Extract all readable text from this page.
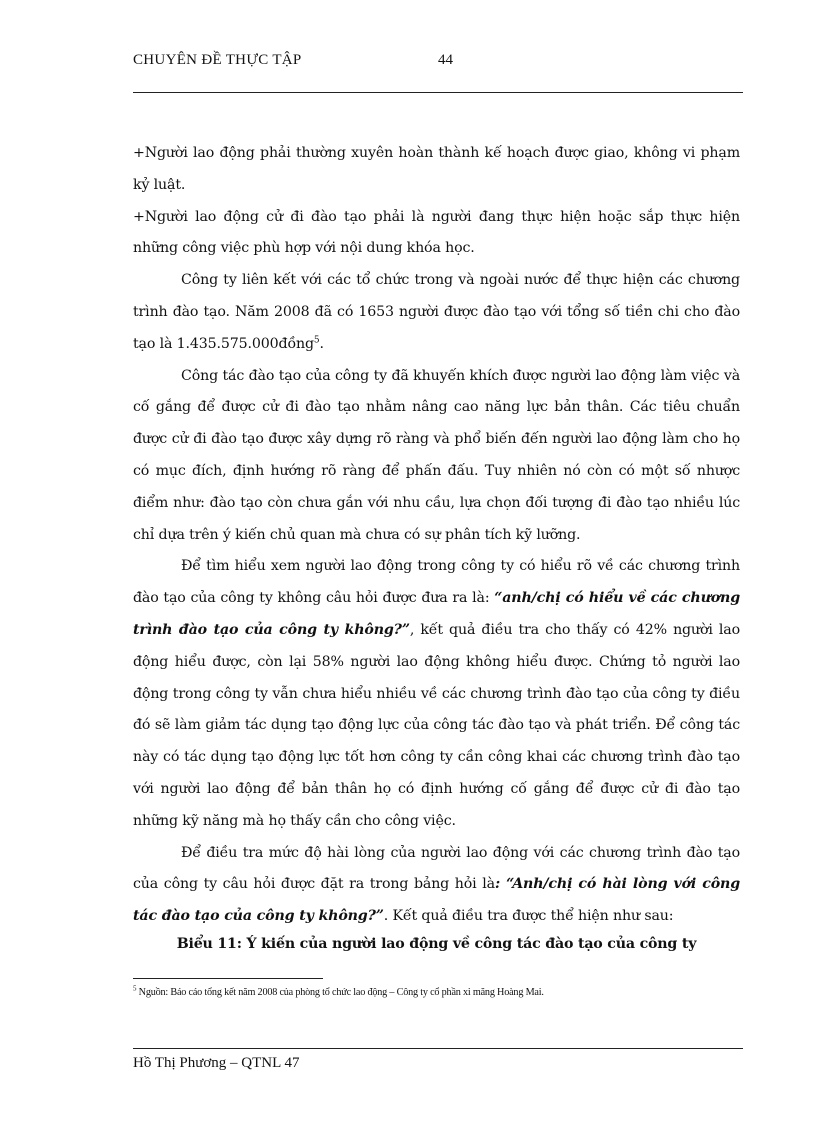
CHUYÊN ĐỀ THỰC TẬP	44

+Người lao động phải thường xuyên hoàn thành kế hoạch được giao, không vi phạm kỷ luật.

+Người lao động cử đi đào tạo phải là người đang thực hiện hoặc sắp thực hiện những công việc phù hợp với nội dung khóa học.

Công ty liên kết với các tổ chức trong và ngoài nước để thực hiện các chương trình đào tạo. Năm 2008 đã có 1653 người được đào tạo với tổng số tiền chi cho đào tạo là 1.435.575.000đồng$^5$.

Công tác đào tạo của công ty đã khuyến khích được người lao động làm việc và cố gắng để được cử đi đào tạo nhằm nâng cao năng lực bản thân. Các tiêu chuẩn được cử đi đào tạo được xây dựng rõ ràng và phổ biến đến người lao động làm cho họ có mục đích, định hướng rõ ràng để phấn đấu. Tuy nhiên nó còn có một số nhược điểm như: đào tạo còn chưa gắn với nhu cầu, lựa chọn đối tượng đi đào tạo nhiều lúc chỉ dựa trên ý kiến chủ quan mà chưa có sự phân tích kỹ lưỡng.

Để tìm hiểu xem người lao động trong công ty có hiểu rõ về các chương trình đào tạo của công ty không câu hỏi được đưa ra là: “anh/chị có hiểu về các chương trình đào tạo của công ty không?”, kết quả điều tra cho thấy có 42% người lao động hiểu được, còn lại 58% người lao động không hiểu được. Chứng tỏ người lao động trong công ty vẫn chưa hiểu nhiều về các chương trình đào tạo của công ty điều đó sẽ làm giảm tác dụng tạo động lực của công tác đào tạo và phát triển. Để công tác này có tác dụng tạo động lực tốt hơn công ty cần công khai các chương trình đào tạo với người lao động để bản thân họ có định hướng cố gắng để được cử đi đào tạo những kỹ năng mà họ thấy cần cho công việc.

Để điều tra mức độ hài lòng của người lao động với các chương trình đào tạo của công ty câu hỏi được đặt ra trong bảng hỏi là: “Anh/chị có hài lòng với công tác đào tạo của công ty không?”. Kết quả điều tra được thể hiện như sau:

Biểu 11: Ý kiến của người lao động về công tác đào tạo của công ty
$^5$ Nguồn: Báo cáo tổng kết năm 2008 của phòng tổ chức lao động – Công ty cổ phần xi măng Hoàng Mai.
Hồ Thị Phương – QTNL 47
